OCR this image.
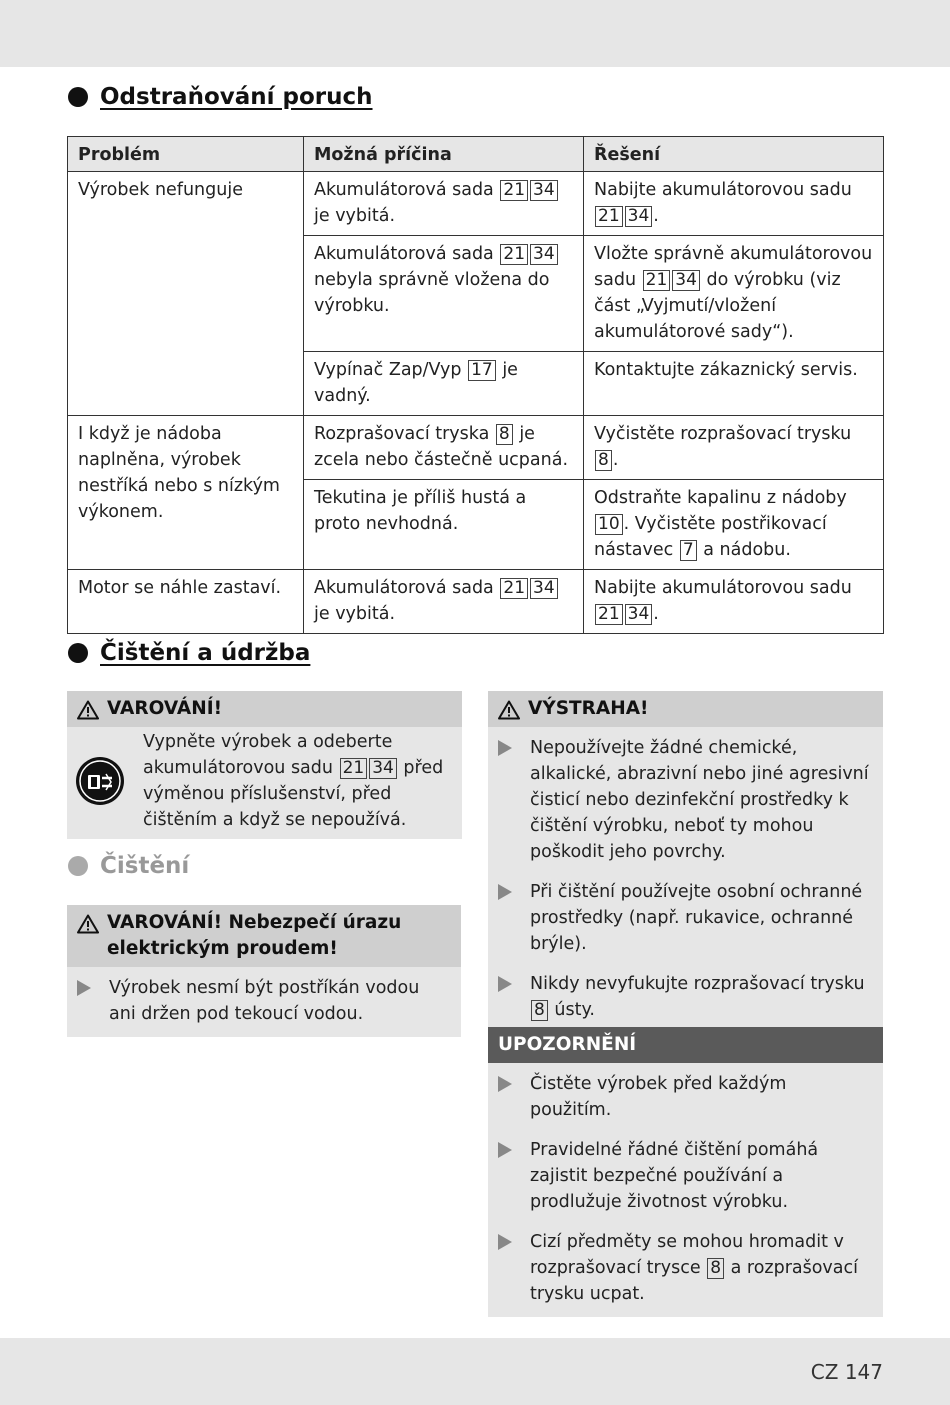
Odstraňování poruch
Problém	Možná příčina	Řešení
Výrobek nefunguje	Akumulátorová sada 21 34 je vybitá.	Nabijte akumulátorovou sadu 21 34 .
	Akumulátorová sada 21 34 nebyla správně vložena do výrobku.	Vložte správně akumulátorovou sadu 21 34 do výrobku (viz část „Vyjmutí/vložení akumulátorové sady“).
	Vypínač Zap/Vyp 17 je vadný.	Kontaktujte zákaznický servis.
I když je nádoba naplněna, výrobek nestříká nebo s nízkým výkonem.	Rozprašovací tryska 8 je zcela nebo částečně ucpaná.	Vyčistěte rozprašovací trysku 8 .
	Tekutina je příliš hustá a proto nevhodná.	Odstraňte kapalinu z nádoby 10 . Vyčistěte postřikovací nástavec 7 a nádobu.
Motor se náhle zastaví.	Akumulátorová sada 21 34 je vybitá.	Nabijte akumulátorovou sadu 21 34 .
Čištění a údržba
VAROVÁNÍ!
Vypněte výrobek a odeberte akumulátorovou sadu 21 34 před výměnou příslušenství, před čištěním a když se nepoužívá.
Čištění
VAROVÁNÍ! Nebezpečí úrazu elektrickým proudem!
Výrobek nesmí být postříkán vodou ani držen pod tekoucí vodou.
VÝSTRAHA!
Nepoužívejte žádné chemické, alkalické, abrazivní nebo jiné agresivní čisticí nebo dezinfekční prostředky k čištění výrobku, neboť ty mohou poškodit jeho povrchy.
Při čištění používejte osobní ochranné prostředky (např. rukavice, ochranné brýle).
Nikdy nevyfukujte rozprašovací trysku 8 ústy.
UPOZORNĚNÍ
Čistěte výrobek před každým použitím.
Pravidelné řádné čištění pomáhá zajistit bezpečné používání a prodlužuje životnost výrobku.
Cizí předměty se mohou hromadit v rozprašovací trysce 8 a rozprašovací trysku ucpat.
CZ 147
